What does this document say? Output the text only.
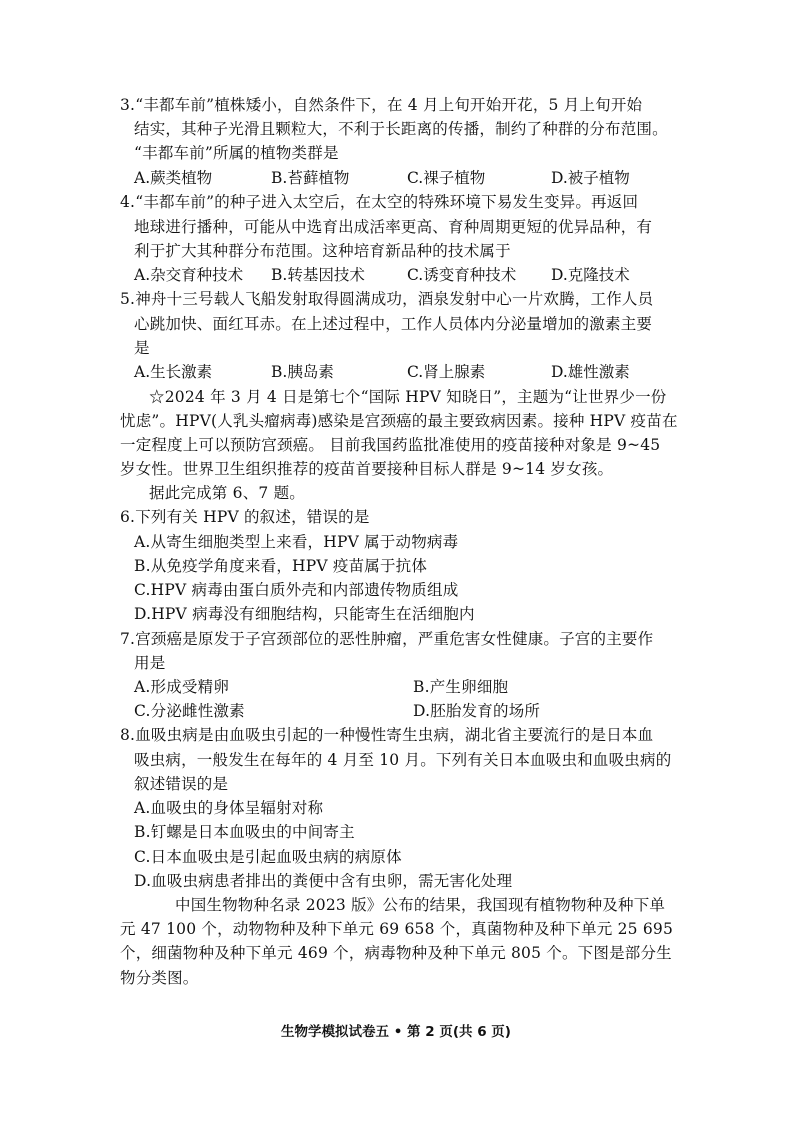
3.“丰都车前”植株矮小，自然条件下，在 4 月上旬开始开花，5 月上旬开始
结实，其种子光滑且颗粒大，不利于长距离的传播，制约了种群的分布范围。
“丰都车前”所属的植物类群是
A.蕨类植物	B.苔藓植物	C.裸子植物	D.被子植物
4.“丰都车前”的种子进入太空后，在太空的特殊环境下易发生变异。再返回
地球进行播种，可能从中选育出成活率更高、育种周期更短的优异品种，有
利于扩大其种群分布范围。这种培育新品种的技术属于
A.杂交育种技术 B.转基因技术	C.诱变育种技术 D.克隆技术
5.神舟十三号载人飞船发射取得圆满成功，酒泉发射中心一片欢腾，工作人员
心跳加快、面红耳赤。在上述过程中，工作人员体内分泌量增加的激素主要
是
A.生长激素	B.胰岛素	C.肾上腺素	D.雄性激素
☆2024 年 3 月 4 日是第七个“国际 HPV 知晓日”，主题为“让世界少一份
忧虑”。HPV(人乳头瘤病毒)感染是宫颈癌的最主要致病因素。接种 HPV 疫苗在
一定程度上可以预防宫颈癌。 目前我国药监批准使用的疫苗接种对象是 9~45
岁女性。世界卫生组织推荐的疫苗首要接种目标人群是 9~14 岁女孩。
据此完成第 6、7 题。
6.下列有关 HPV 的叙述，错误的是
A.从寄生细胞类型上来看，HPV 属于动物病毒
B.从免疫学角度来看，HPV 疫苗属于抗体
C.HPV 病毒由蛋白质外壳和内部遗传物质组成
D.HPV 病毒没有细胞结构，只能寄生在活细胞内
7.宫颈癌是原发于子宫颈部位的恶性肿瘤，严重危害女性健康。子宫的主要作
用是
A.形成受精卵	B.产生卵细胞
C.分泌雌性激素	D.胚胎发育的场所
8.血吸虫病是由血吸虫引起的一种慢性寄生虫病，湖北省主要流行的是日本血
吸虫病，一般发生在每年的 4 月至 10 月。下列有关日本血吸虫和血吸虫病的
叙述错误的是
A.血吸虫的身体呈辐射对称
B.钉螺是日本血吸虫的中间寄主
C.日本血吸虫是引起血吸虫病的病原体
D.血吸虫病患者排出的粪便中含有虫卵，需无害化处理
中国生物物种名录 2023 版》公布的结果，我国现有植物物种及种下单
元 47 100 个，动物物种及种下单元 69 658 个，真菌物种及种下单元 25 695
个，细菌物种及种下单元 469 个，病毒物种及种下单元 805 个。下图是部分生
物分类图。
生物学模拟试卷五 • 第 2 页(共 6 页)
